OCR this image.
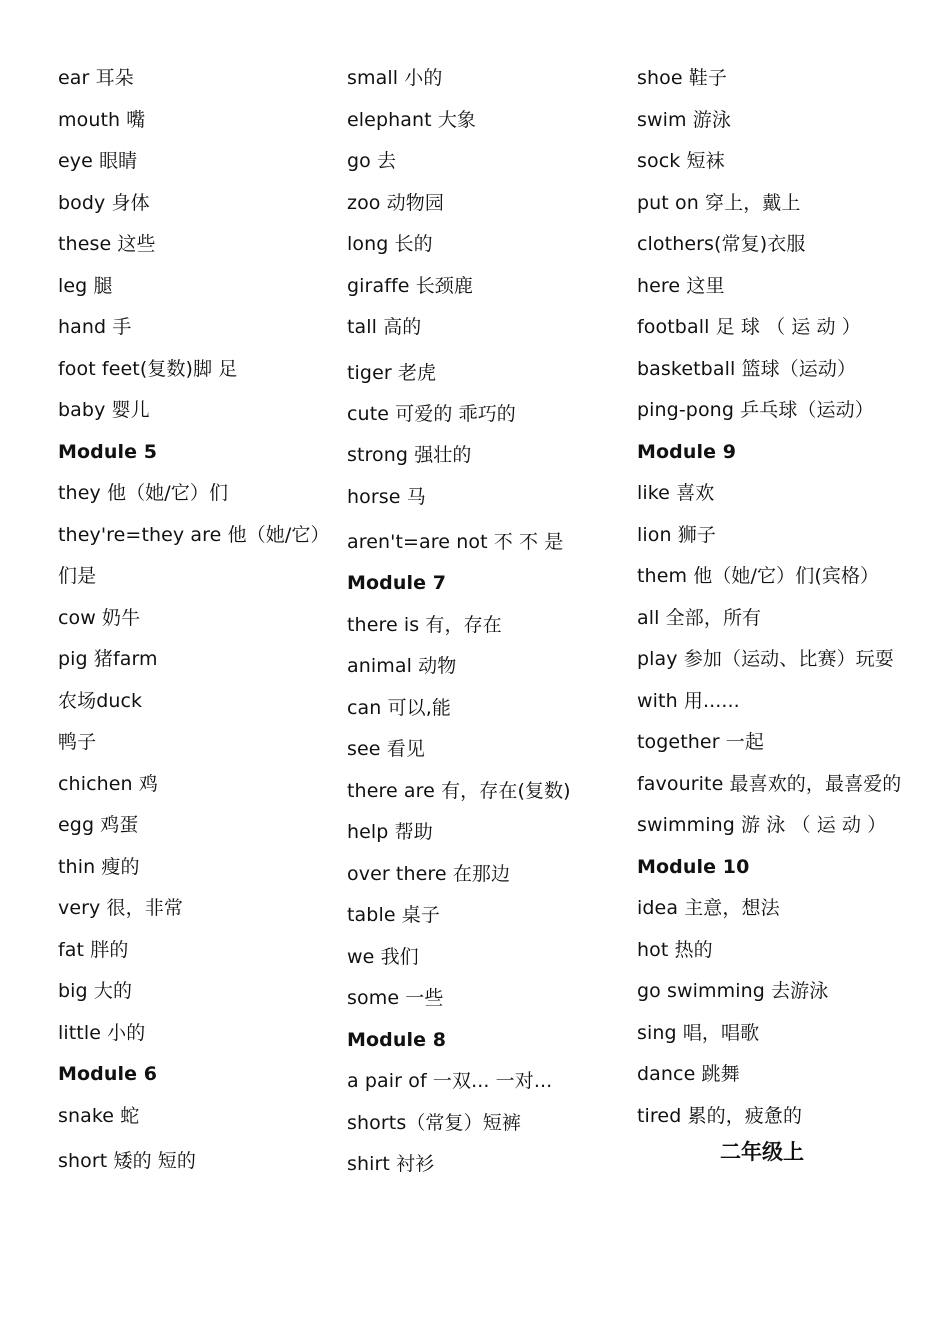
ear 耳朵
mouth 嘴
eye 眼睛
body 身体
these 这些
leg 腿
hand 手
foot feet(复数)脚 足
baby 婴儿
Module 5
they 他（她/它）们
they're=they are 他（她/它）
们是
cow 奶牛
pig 猪farm
农场duck
鸭子
chichen 鸡
egg 鸡蛋
thin 瘦的
very 很，非常
fat 胖的
big 大的
little 小的
Module 6
snake 蛇
short 矮的 短的
small 小的
elephant 大象
go 去
zoo 动物园
long 长的
giraffe 长颈鹿
tall 高的
tiger 老虎
cute 可爱的 乖巧的
strong 强壮的
horse 马
aren't=are not 不 不 是
Module 7
there is 有，存在
animal 动物
can 可以,能
see 看见
there are 有，存在(复数)
help 帮助
over there 在那边
table 桌子
we 我们
some 一些
Module 8
a pair of 一双... 一对...
shorts（常复）短裤
shirt 衬衫
shoe 鞋子
swim 游泳
sock 短袜
put on 穿上，戴上
clothers(常复)衣服
here 这里
football 足 球 （ 运 动 ）
basketball 篮球（运动）
ping-pong 乒乓球（运动）
Module 9
like 喜欢
lion 狮子
them 他（她/它）们(宾格）
all 全部，所有
play 参加（运动、比赛）玩耍
with 用......
together 一起
favourite 最喜欢的，最喜爱的
swimming 游 泳 （ 运 动 ）
Module 10
idea 主意，想法
hot 热的
go swimming 去游泳
sing 唱，唱歌
dance 跳舞
tired 累的，疲惫的
二年级上
